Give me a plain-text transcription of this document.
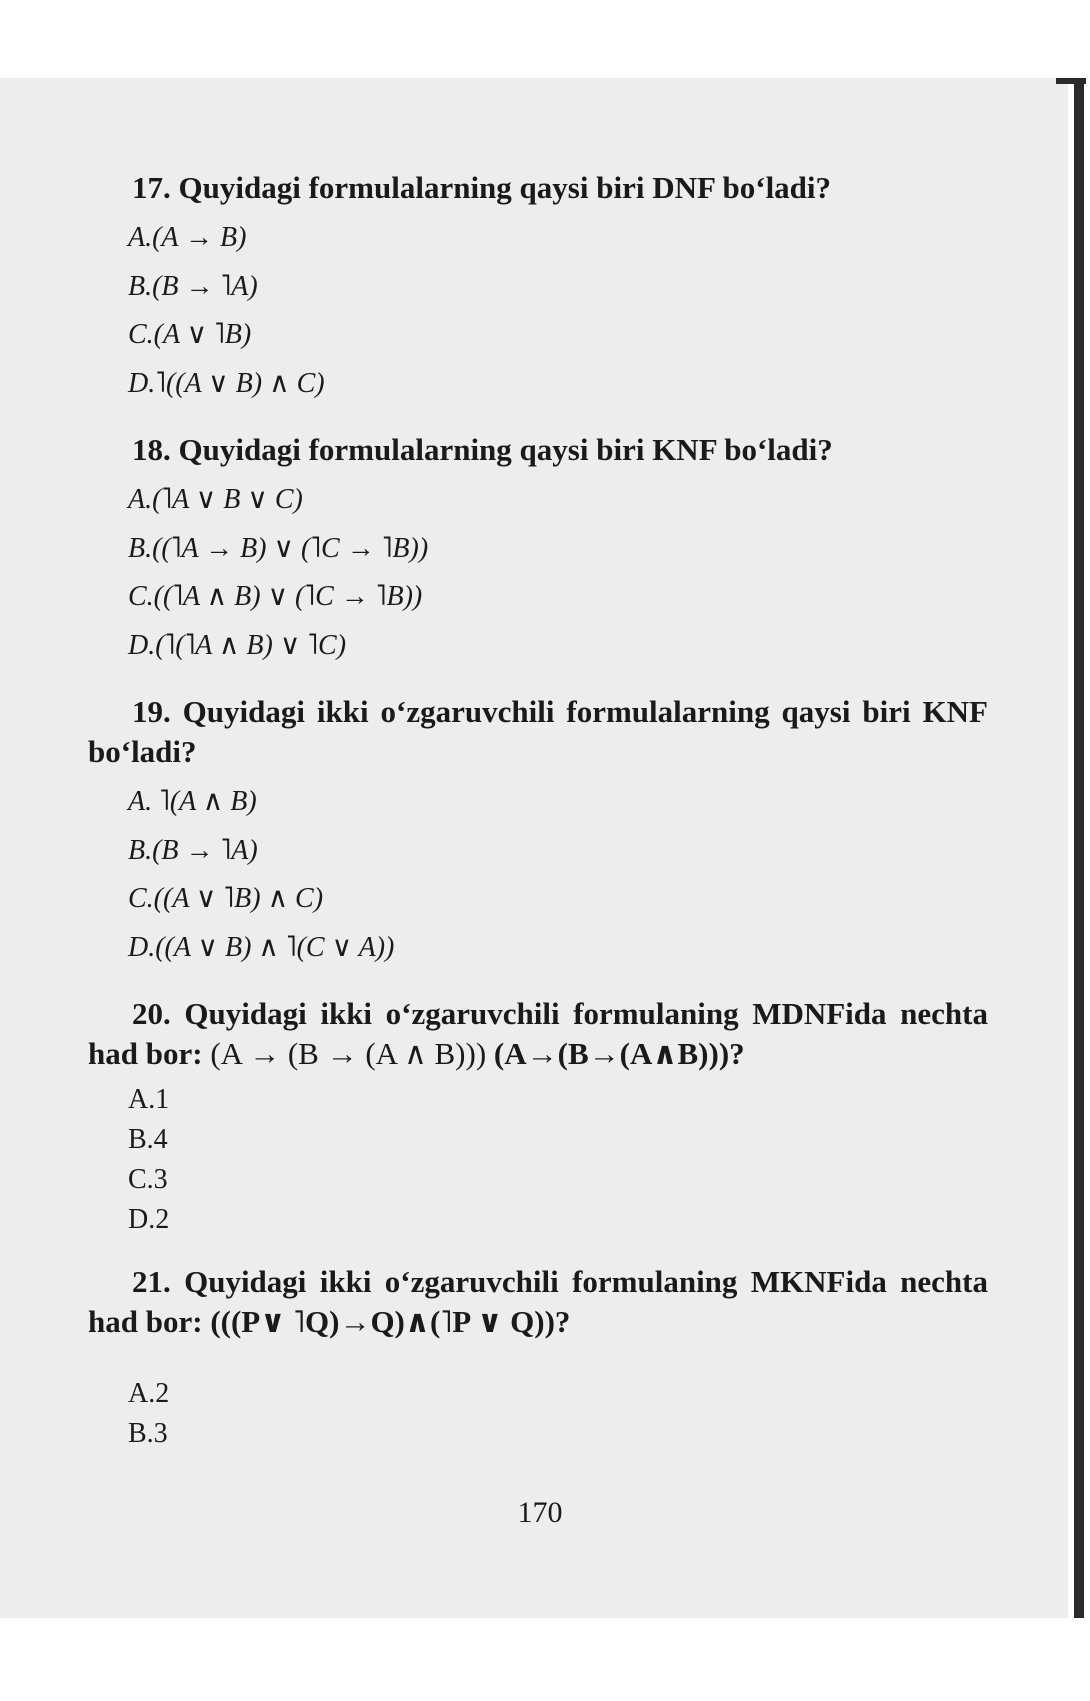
17. Quyidagi formulalarning qaysi biri DNF bo‘ladi?

A.(A → B)
B.(B → ˥A)
C.(A ∨ ˥B)
D.˥((A ∨ B) ∧ C)

18. Quyidagi formulalarning qaysi biri KNF bo‘ladi?

A.(˥A ∨ B ∨ C)
B.((˥A → B) ∨ (˥C → ˥B))
C.((˥A ∧ B) ∨ (˥C → ˥B))
D.(˥(˥A ∧ B) ∨ ˥C)

19. Quyidagi ikki o‘zgaruvchili formulalarning qaysi biri KNF bo‘ladi?

A. ˥(A ∧ B)
B.(B → ˥A)
C.((A ∨ ˥B) ∧ C)
D.((A ∨ B) ∧ ˥(C ∨ A))

20. Quyidagi ikki o‘zgaruvchili formulaning MDNFida nechta had bor: (A → (B → (A ∧ B))) (A→(B→(A∧B)))?

A.1
B.4
C.3
D.2

21. Quyidagi ikki o‘zgaruvchili formulaning MKNFida nechta had bor: (((P∨ ˥Q)→Q)∧(˥P ∨ Q))?

A.2
B.3
170
